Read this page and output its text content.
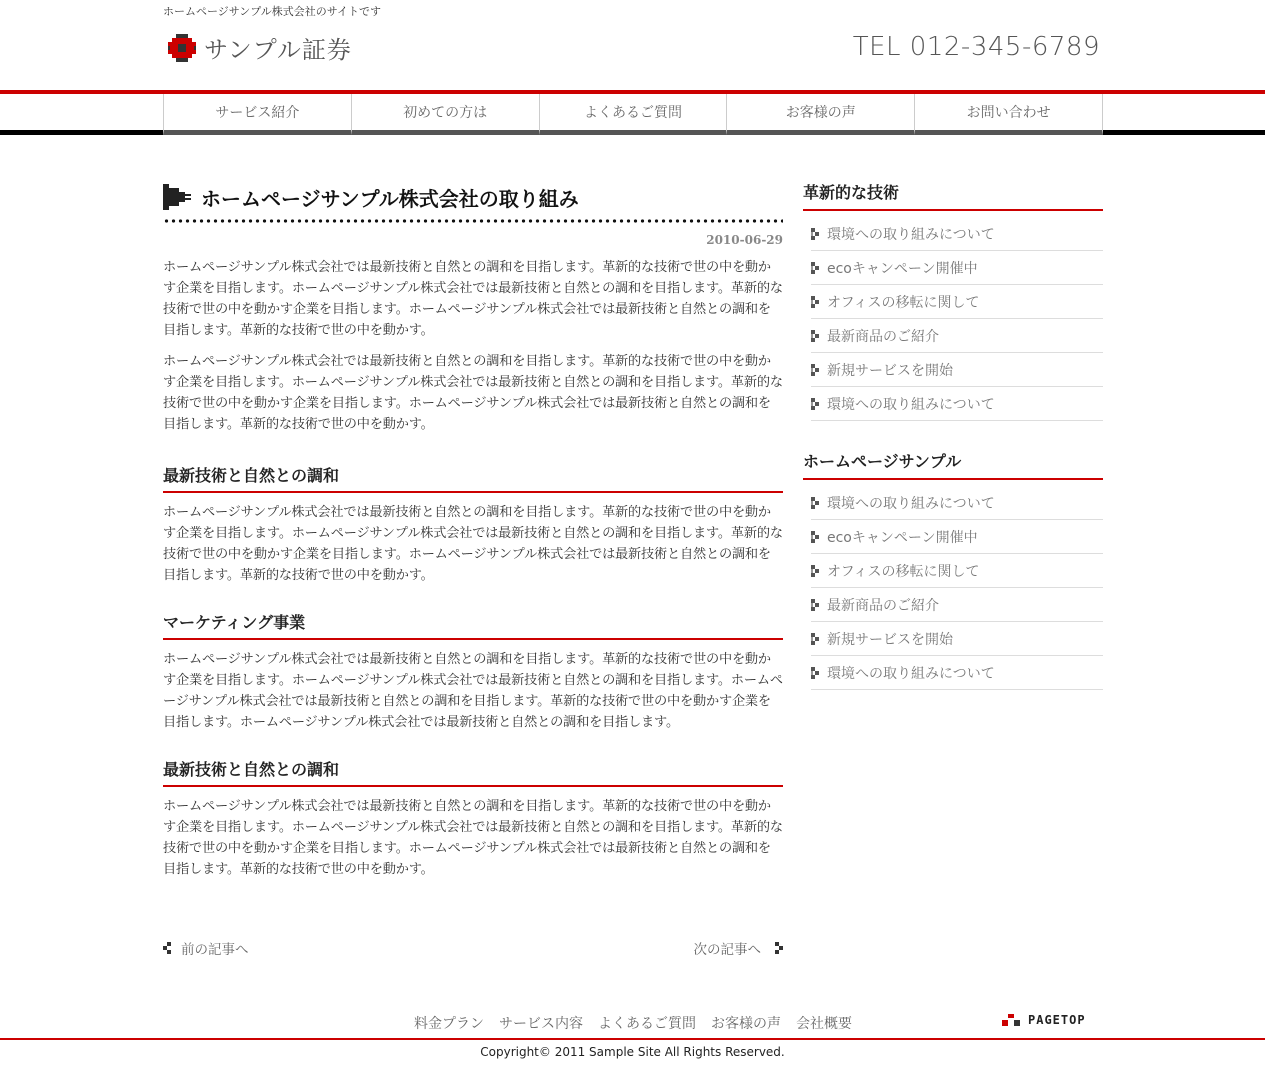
ホームページサンプル株式会社のサイトです
サンプル証券	TEL 012-345-6789
サービス紹介	初めての方は	よくあるご質問	お客様の声	お問い合わせ
ホームページサンプル株式会社の取り組み
2010-06-29

ホームページサンプル株式会社では最新技術と自然との調和を目指します。革新的な技術で世の中を動かす企業を目指します。ホームページサンプル株式会社では最新技術と自然との調和を目指します。革新的な技術で世の中を動かす企業を目指します。ホームページサンプル株式会社では最新技術と自然との調和を目指します。革新的な技術で世の中を動かす。

ホームページサンプル株式会社では最新技術と自然との調和を目指します。革新的な技術で世の中を動かす企業を目指します。ホームページサンプル株式会社では最新技術と自然との調和を目指します。革新的な技術で世の中を動かす企業を目指します。ホームページサンプル株式会社では最新技術と自然との調和を目指します。革新的な技術で世の中を動かす。

最新技術と自然との調和

ホームページサンプル株式会社では最新技術と自然との調和を目指します。革新的な技術で世の中を動かす企業を目指します。ホームページサンプル株式会社では最新技術と自然との調和を目指します。革新的な技術で世の中を動かす企業を目指します。ホームページサンプル株式会社では最新技術と自然との調和を目指します。革新的な技術で世の中を動かす。

マーケティング事業

ホームページサンプル株式会社では最新技術と自然との調和を目指します。革新的な技術で世の中を動かす企業を目指します。ホームページサンプル株式会社では最新技術と自然との調和を目指します。ホームページサンプル株式会社では最新技術と自然との調和を目指します。革新的な技術で世の中を動かす企業を目指します。ホームページサンプル株式会社では最新技術と自然との調和を目指します。

最新技術と自然との調和

ホームページサンプル株式会社では最新技術と自然との調和を目指します。革新的な技術で世の中を動かす企業を目指します。ホームページサンプル株式会社では最新技術と自然との調和を目指します。革新的な技術で世の中を動かす企業を目指します。ホームページサンプル株式会社では最新技術と自然との調和を目指します。革新的な技術で世の中を動かす。

前の記事へ	次の記事へ
革新的な技術
環境への取り組みについて
ecoキャンペーン開催中
オフィスの移転に関して
最新商品のご紹介
新規サービスを開始
環境への取り組みについて
ホームページサンプル
環境への取り組みについて
ecoキャンペーン開催中
オフィスの移転に関して
最新商品のご紹介
新規サービスを開始
環境への取り組みについて
料金プラン サービス内容 よくあるご質問 お客様の声 会社概要	PAGETOP
Copyright© 2011 Sample Site All Rights Reserved.
